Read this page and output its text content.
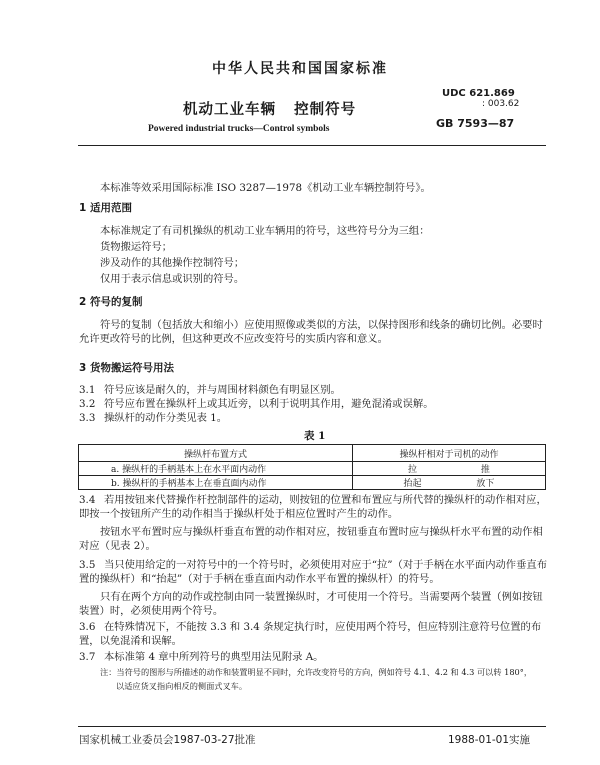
中华人民共和国国家标准
UDC 621.869
: 003.62
机动工业车辆   控制符号
GB 7593—87
Powered industrial trucks—Control symbols
本标准等效采用国际标准 ISO 3287—1978《机动工业车辆控制符号》。
1 适用范围
本标准规定了有司机操纵的机动工业车辆用的符号，这些符号分为三组：
货物搬运符号；
涉及动作的其他操作控制符号；
仅用于表示信息或识别的符号。
2 符号的复制
符号的复制（包括放大和缩小）应使用照像或类似的方法，以保持图形和线条的确切比例。必要时允许更改符号的比例，但这种更改不应改变符号的实质内容和意义。
3 货物搬运符号用法
3.1 符号应该是耐久的，并与周围材料颜色有明显区别。
3.2 符号应布置在操纵杆上或其近旁，以利于说明其作用，避免混淆或误解。
3.3 操纵杆的动作分类见表 1。
表 1
操纵杆布置方式	操纵杆相对于司机的动作
a. 操纵杆的手柄基本上在水平面内动作	拉 推
b. 操纵杆的手柄基本上在垂直面内动作	抬起 放下
3.4 若用按钮来代替操作杆控制部件的运动，则按钮的位置和布置应与所代替的操纵杆的动作相对应，即按一个按钮所产生的动作相当于操纵杆处于相应位置时产生的动作。
按钮水平布置时应与操纵杆垂直布置的动作相对应，按钮垂直布置时应与操纵杆水平布置的动作相对应（见表 2）。
3.5 当只使用给定的一对符号中的一个符号时，必须使用对应于“拉”（对于手柄在水平面内动作垂直布置的操纵杆）和“抬起”（对于手柄在垂直面内动作水平布置的操纵杆）的符号。
只有在两个方向的动作或控制由同一装置操纵时，才可使用一个符号。当需要两个装置（例如按钮装置）时，必须使用两个符号。
3.6 在特殊情况下，不能按 3.3 和 3.4 条规定执行时，应使用两个符号，但应特别注意符号位置的布置，以免混淆和误解。
3.7 本标准第 4 章中所列符号的典型用法见附录 A。
注：当符号的图形与所描述的动作和装置明显不同时，允许改变符号的方向，例如符号 4.1、4.2 和 4.3 可以转 180°，
以适应货叉指向相反的侧面式叉车。
国家机械工业委员会1987-03-27批准	1988-01-01实施
